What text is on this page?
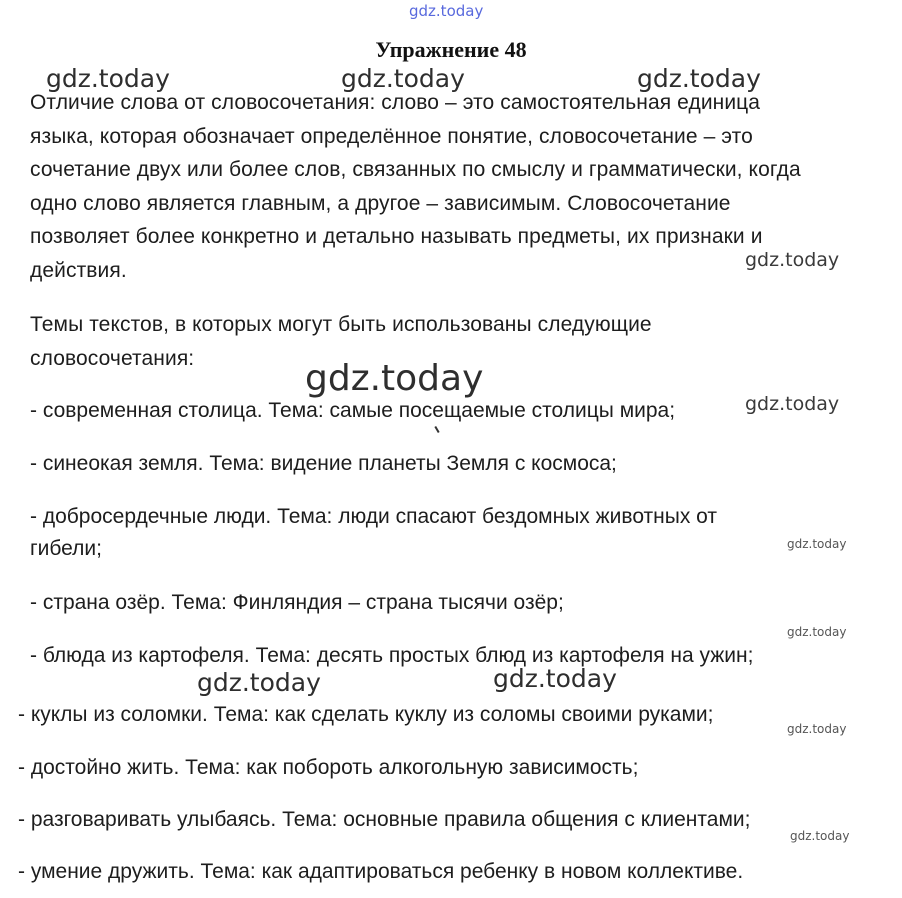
Упражнение 48
Отличие слова от словосочетания: слово – это самостоятельная единица
языка, которая обозначает определённое понятие, словосочетание – это
сочетание двух или более слов, связанных по смыслу и грамматически, когда
одно слово является главным, а другое – зависимым. Словосочетание
позволяет более конкретно и детально называть предметы, их признаки и
действия.
Темы текстов, в которых могут быть использованы следующие
словосочетания:
- современная столица. Тема: самые посещаемые столицы мира;
- синеокая земля. Тема: видение планеты Земля с космоса;
- добросердечные люди. Тема: люди спасают бездомных животных от
гибели;
- страна озёр. Тема: Финляндия – страна тысячи озёр;
- блюда из картофеля. Тема: десять простых блюд из картофеля на ужин;
- куклы из соломки. Тема: как сделать куклу из соломы своими руками;
- достойно жить. Тема: как побороть алкогольную зависимость;
- разговаривать улыбаясь. Тема: основные правила общения с клиентами;
- умение дружить. Тема: как адаптироваться ребенку в новом коллективе.
gdz.today
gdz.today	gdz.today	gdz.today
gdz.today
gdz.today
gdz.today
gdz.today
gdz.today
gdz.today	gdz.today
gdz.today
gdz.today
